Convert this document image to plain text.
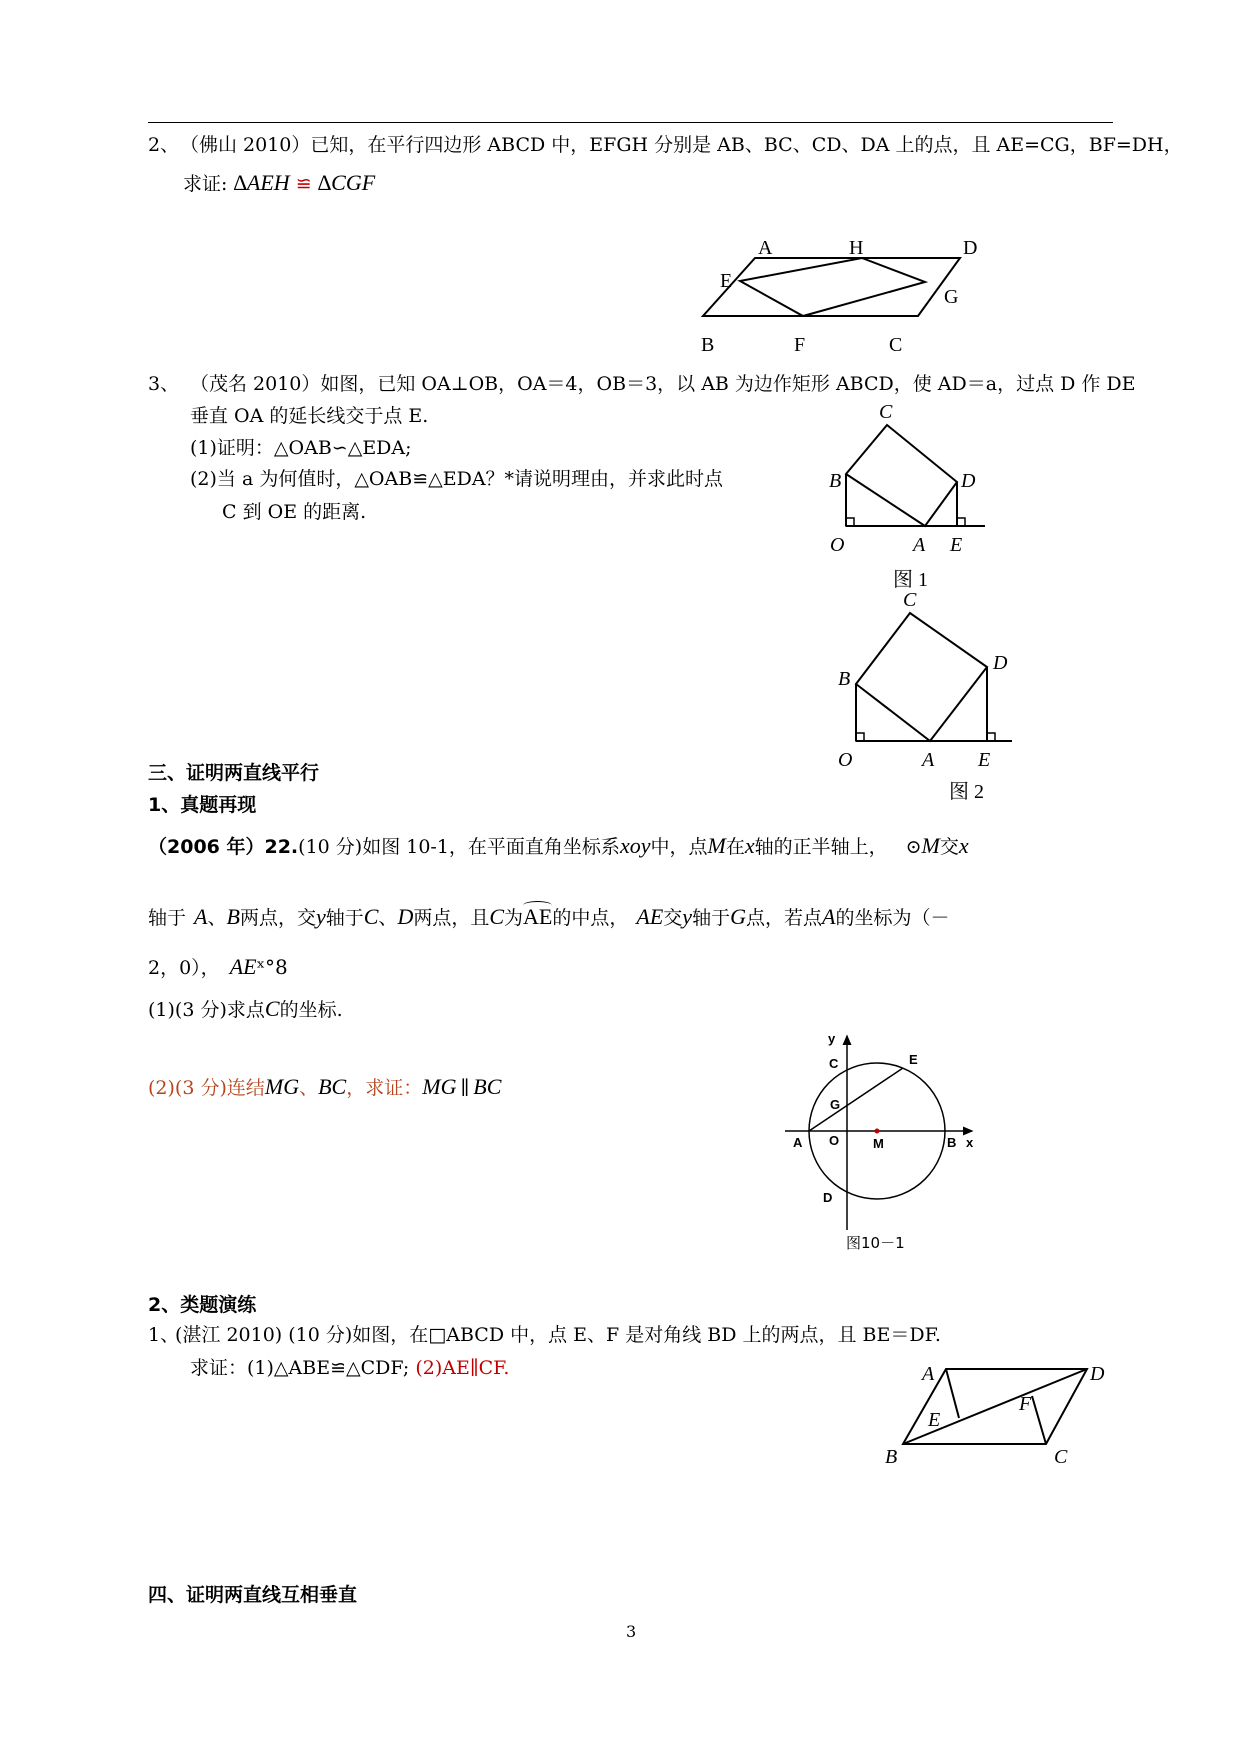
2、 （佛山 2010）已知，在平行四边形 ABCD 中，EFGH 分别是 AB、BC、CD、DA 上的点，且 AE=CG，BF=DH，
求证: ∆AEH ≌ ∆CGF
A	H	D
E
G
B	F	C
3、 （茂名 2010）如图，已知 OA⊥OB，OA＝4，OB＝3，以 AB 为边作矩形 ABCD，使 AD＝a，过点 D 作 DE
垂直 OA 的延长线交于点 E.
(1)证明：△OAB∽△EDA;
(2)当 a 为何值时，△OAB≌△EDA？*请说明理由，并求此时点
C 到 OE 的距离.
C
B	D
O	A E
图 1
C
B
D
O	A E
图 2
三、证明两直线平行
1、真题再现
（2006 年）22.(10 分)如图 10-1，在平面直角坐标系xoy中，点M在x轴的正半轴上， ⊙M交x
轴于 A、B两点，交y轴于C、D两点，且C为
AE的中点， AE交y轴于G点，若点A的坐标为（－
2，0）， AEˣ°8
(1)(3 分)求点C的坐标.
(2)(3 分)连结MG、BC，求证：MG ∥ BC
y
C	E
G
A O	M	B x
D
图10－1
2、类题演练
1、
(湛江 2010) (10 分)如图，在□ABCD 中，点 E、F 是对角线 BD 上的两点，且 BE＝DF.
求证：(1)△ABE≌△CDF; (2)AE∥CF.	A	D
E
F
B	C
四、证明两直线互相垂直
3
